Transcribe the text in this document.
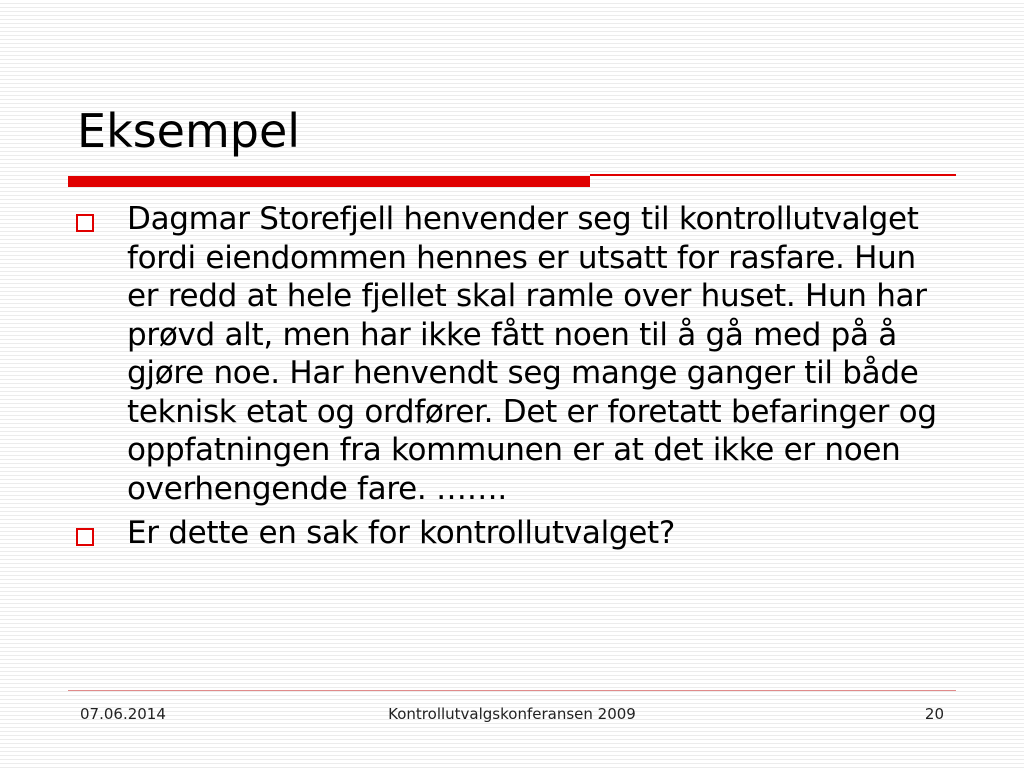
Eksempel
Dagmar Storefjell henvender seg til kontrollutvalget fordi eiendommen hennes er utsatt for rasfare. Hun er redd at hele fjellet skal ramle over huset. Hun har prøvd alt, men har ikke fått noen til å gå med på å gjøre noe. Har henvendt seg mange ganger til både teknisk etat og ordfører. Det er foretatt befaringer og oppfatningen fra kommunen er at det ikke er noen overhengende fare. …….
Er dette en sak for kontrollutvalget?
07.06.2014	Kontrollutvalgskonferansen 2009	20
